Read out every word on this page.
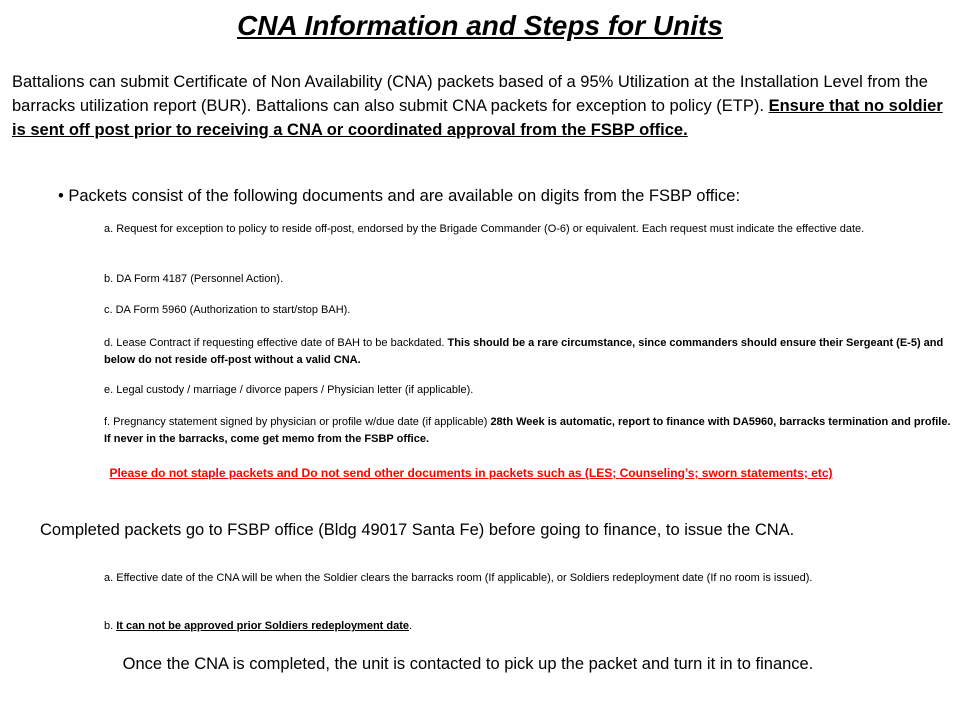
CNA Information and Steps for Units
Battalions can submit Certificate of Non Availability (CNA) packets based of a 95% Utilization at the Installation Level from the barracks utilization report (BUR). Battalions can also submit CNA packets for exception to policy (ETP). Ensure that no soldier is sent off post prior to receiving a CNA or coordinated approval from the FSBP office.
• Packets consist of the following documents and are available on digits from the FSBP office:
a. Request for exception to policy to reside off-post, endorsed by the Brigade Commander (O-6) or equivalent. Each request must indicate the effective date.
b. DA Form 4187 (Personnel Action).
c. DA Form 5960 (Authorization to start/stop BAH).
d. Lease Contract if requesting effective date of BAH to be backdated. This should be a rare circumstance, since commanders should ensure their Sergeant (E-5) and below do not reside off-post without a valid CNA.
e. Legal custody / marriage / divorce papers / Physician letter (if applicable).
f. Pregnancy statement signed by physician or profile w/due date (if applicable) 28th Week is automatic, report to finance with DA5960, barracks termination and profile. If never in the barracks, come get memo from the FSBP office.
Please do not staple packets and Do not send other documents in packets such as (LES; Counseling’s; sworn statements; etc)
Completed packets go to FSBP office (Bldg 49017 Santa Fe) before going to finance, to issue the CNA.
a. Effective date of the CNA will be when the Soldier clears the barracks room (If applicable), or Soldiers redeployment date (If no room is issued).
b. It can not be approved prior Soldiers redeployment date.
Once the CNA is completed, the unit is contacted to pick up the packet and turn it in to finance.
